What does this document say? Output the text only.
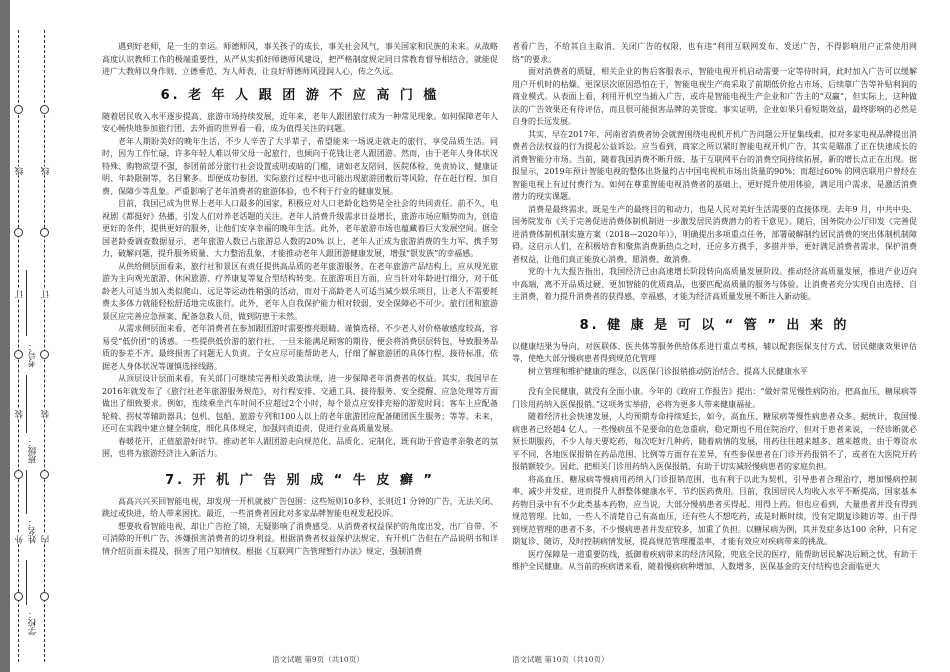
线
订
装
外
线
订
装
内
学校：
姓名：
班级：
考号：

遇到好老师，是一生的幸运。师德师风，事关孩子的成长，事关社会风气，事关国家和民族的未来。从战略高度认识教师工作的极端重要性，从严从实抓好师德师风建设，把严格制度规定同日常教育督导相结合，就能促进广大教师以身作则、立德垂范、为人师表，让良好师德师风浸润人心，传之久远。

6. 老 年 人 跟 团 游 不 应 高 门 槛

随着居民收入水平逐步提高、旅游市场持续发展，近年来，老年人跟团旅行成为一种常见现象。如何保障老年人安心畅快地参加旅行团、去外面的世界看一看，成为值得关注的问题。

老年人期盼美好的晚年生活，不少人辛苦了大半辈子，希望能来一场说走就走的旅行，享受品质生活。同时，因为工作忙碌，许多年轻人难以带父母一起旅行，也倾向于花钱让老人跟团游。然而，由于老年人身体状况特殊、购物欲望不强，参团前部分旅行社会设置或明或暗的门槛，诸如老友陪同、医院体检、免责协议、健康证明、年龄限制等，名目繁多。即便成功参团，实际旅行过程中也可能出现旅游团敷衍等风险，存在赶行程、加自费、保障少等乱象。严重影响了老年消费者的旅游体验，也不利于行业的健康发展。

目前，我国已成为世界上老年人口最多的国家，积极应对人口老龄化趋势是全社会的共同责任。前不久，电视剧《都挺好》热播，引发人们对养老话题的关注。老年人消费升级需求日益增长，旅游市场应顺势而为，创造更好的条件，提供更好的服务，让他们安享幸福的晚年生活。此外，老年旅游市场也蕴藏着巨大发展空间。据全国老龄委调查数据显示，老年旅游人数已占旅游总人数的20% 以上，老年人正成为旅游消费的生力军。携手努力，破解问题，提升服务质量、大力整治乱象，才能推动老年人跟团游健康发展，增强“银发族”的幸福感。

从供给侧层面看来，旅行社和景区有责任提供高品质的老年旅游服务。在老年旅游产品结构上，应从现光旅游为主向观光旅游、休闲旅游、疗养康复等复合型结构转变。在旅游项目方面，应当针对年龄进行细分，对于低龄老人可适当加入类似爬山、远足等运动性稍强的活动，而对于高龄老人可适当减少娱乐项目，让老人不需要耗费太多体力就能轻松舒适地完成旅行。此外，老年人自我保护能力相对较弱，安全保障必不可少。旅行团和旅游景区应完善应急预案、配备急救人员，做到防患于未然。

从需求侧层面来看，老年消费者在参加跟团游时需要擦亮眼睛、谨慎选择，不少老人对价格敏感度较高，容易受“低价团”的诱惑。一些提供低价游的旅行社，一旦未能满足顾客的期待，便会将消费层层转包，导致服务品质的参差不齐。最终损害了问题无人负责。子女应尽可能帮助老人，仔细了解旅游团的具体行程、接待标准，依据老人身体状况等谨慎选择线路。

从顶层设计层面来看，有关部门可继续完善相关政策法规，进一步保障老年消费者的权益。其实，我国早在2016年就发布了《旅行社老年旅游服务规范》，对行程安排、交通工具、接待服务、安全提醒、应急处理等方面做出了细致要求。例如，连续乘坐汽车时间不应超过2个小时，每个景点应安排充裕的游览时间；客车上应配备轮椅、拐杖等辅助器具；包机、包船、旅游专列和100人以上的老年旅游团应配备随团医生服务；等等。未来，还可在实践中建立健全制度，细化具体规定，加强问责追责，促进行业高质量发展。

春暖花开，正值旅游好时节。推动老年人跟团游走向规范化、品质化、定制化，既有助于营造孝亲敬老的氛围，也将为旅游经济注入新活力。

7. 开 机 广 告 别 成 “ 牛 皮 癣 ”

高高兴兴买回智能电视，却发现一开机就被广告包围：这些短则10多秒、长则近1 分钟的广告，无法关闭、跳过或快进，给人带来困扰。最近，一些消费者因此对多家品牌智能电视发起投诉。

想要收看智能电视，却让广告抢了镜，无疑影响了消费感受。从消费者权益保护的角度出发，出厂自带、不可消除的开机广告，涉嫌损害消费者的切身利益。根据消费者权益保护法规定，有开机广告但在产品说明书和详情介绍页面未提及，损害了用户知情权。根据《互联网广告管理暂行办法》规定，强制消费

语文试题 第9页（共10页）

者看广告，不给其自主取消、关闭广告的权限，也有违“利用互联网发布、发送广告，不得影响用户正常使用网络”的要求。

面对消费者的质疑，相关企业的售后客服表示，智能电视开机启动需要一定等待时间，此时加入广告可以缓解用户开机时的枯燥。更深层次原因恐怕在于，智能电视生产商采取了前期低价抢占市场、后续靠广告等补贴利润的商业模式。从表面上看，利用开机空当插入广告，或许是智能电视生产企业和广告主的“双赢”，但实际上，这种做法的广告效果还有待评估，而且很可能损害品牌的美誉度。事实证明，企业如果只看短期效益，最终影响的必然是自身的长远发展。

其实，早在2017年，河南省消费者协会就曾围绕电视机开机广告问题公开征集线索，拟对多家电视品牌提出消费者合法权益的行为提起公益诉讼。应当看到，商家之所以紧盯智能电视开机广告，其实是瞄准了正在快速成长的消费智能分市场。当前，随着我国消费不断升级、基于互联网平台的消费空间持续拓展，新的增长点正在出现。据报显示，2019年预计智能电视的整体出货量约占中国电视机市场出货量的90%；而超过60% 的网店联用户曾经在智能电视上有过付费行为。如何在尊重智能电视消费者的基础上，更好提升使用体验，满足用户需求，是激活消费潜力的现实课题。

消费是最终需求，既是生产的最终目的和动力，也是人民对美好生活需要的直接体现。去年9 月，中共中央、国务院发布《关于完善促进消费体制机制进一步激发居民消费潜力的若干意见》。随后，国务院办公厅印发《完善促进消费体制机制实施方案（2018—2020年）》，明确提出多项重点任务，部署破解制约居民消费的突出体制机制障碍。这启示人们，在积极培育和聚焦消费新热点之时，还应多方携手，多措并举，更好满足消费者需求，保护消费者权益，让他们真正能放心消费、愿消费、敢消费。

党的十九大报告指出，我国经济已由高速增长阶段转向高质量发展阶段。推动经济高质量发展，推进产业迈向中高端，离不开品质过硬、更加智能的优质商品，也要匹配高质量的服务与体验。让消费者充分实现自由选择、自主消费，着力提升消费者的获得感、幸福感，才能为经济高质量发展不断注入新动能。

8. 健 康 是 可 以 “ 管 ” 出 来 的

以健康结果为导向，对医联体、医共体等服务供给体系进行重点考核，辅以配套医保支付方式、居民健康效果评估等，使绝大部分慢病患者得到规范化管理

树立管理和维护健康的理念，以医保门诊报销推动防治结合、提高人民健康水平

没有全民健康，就没有全面小康。今年的《政府工作报告》提出：“做好常见慢性病防治，把高血压、糖尿病等门诊用药纳入医保报销。”这项务实举措，必将为更多人带来健康福祉。

随着经济社会快速发展，人均预期寿命持续延长，如今，高血压、糖尿病等慢性病患者众多。据统计，我国慢病患者已经超4 亿人。一些慢病虽不是要命的危急重病，稳定期也不用住院治疗，但对于患者来说，一经诊断就必须长期服药，不少人每天要吃药，每次吃好几种药，随着病情的发展，用药往往越来越多、越来越贵。由于筹资水平不同，各地医保报销在药品范围、比例等方面存在差异，有些参保患者在门诊开药报销不了，或者在大医院开药报销额较少。因此，把相关门诊用药纳入医保报销，有助于切实减轻慢病患者的家庭负担。

将高血压、糖尿病等慢病用药纳入门诊报销范围，也有利于以此为契机，引导患者合理治疗，增加慢病控制率、减少并发症，进而提升人群整体健康水平、节约医药费用。目前，我国居民人均收入水平不断提高，国家基本药物目录中有不少此类基本药物，应当说，大部分慢病患者买得起、用得上药。但也应看到，大量患者并没有得到规范管理。比如，一些人不清楚自己有高血压，还有些人不想吃药，或是时断时续，没有定期复诊随访等。由于得到规范管理的患者不多，不少慢病患者并发症较多，加重了负担。以糖尿病为例，其并发症多达100 余种，只有定期复诊、随访，及时控制病情发展，提高规范管理覆盖率，才能有效应对疾病带来的挑战。

医疗保障是一道重要防线，抵御着疾病带来的经济风险，兜底全民的医疗，能帮助居民解决后顾之忧，有助于维护全民健康。从当前的疾病谱来看，随着慢病病种增加、人数增多，医保基金的支付结构也会面临更大

语文试题 第10页（共10页）
